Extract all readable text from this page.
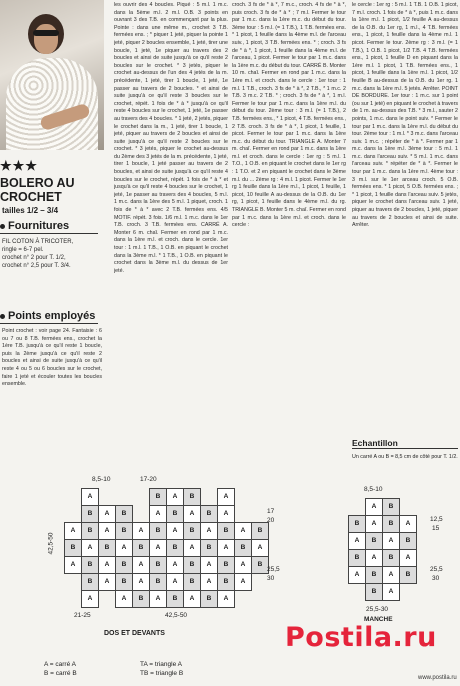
★★★
BOLERO AU
CROCHET
tailles 1/2 – 3/4
Fournitures
FIL COTON À TRICOTER,
ringle = 6-7 pel.
crochet n° 2 pour T. 1/2,
crochet n° 2,5 pour T. 3/4.
Points employés
Point crochet : voir page 24. Fantaisie : 6 ou 7 ou 8 T.B. fermées ens., crochet la 1ère T.B. jusqu'à ce qu'il reste 1 boucle, puis la 2ème jusqu'à ce qu'il reste 2 boucles et ainsi de suite jusqu'à ce qu'il reste 4 ou 5 ou 6 boucles sur le crochet, faire 1 jeté et écouler toutes les boucles ensemble.
les ouvrir des 4 boucles. Piqué : 5 m.l. 1 m.c. dans la 5ème m.l. 2 m.l. O.B. 3 points en ouvrant 3 des T.B. en commençant par la plus. Pointe : dans une même m., crochet 3 T.B. fermées ens. ; * piquer 1 jeté, piquer la pointe 1 jeté, piquer 2 boucles ensemble, 1 jeté, tirer une boucle, 1 jeté, 1e piquer au travers des 2 boucles et ainsi de suite jusqu'à ce qu'il reste 2 boucles sur le crochet. * 3 jetés, piquer le crochet au-dessus de l'un des 4 jetés de la m. précédente, 1 jeté, tirer 1 boucle, 1 jeté, 1e passer au travers de 2 boucles. * et ainsi de suite jusqu'à ce qu'il reste 3 boucles sur le crochet, répét. 1 fois de * à * jusqu'à ce qu'il reste 4 boucles sur le crochet, 1 jeté, 1e passer au travers des 4 boucles. * 1 jeté, 2 jetés, piquer le crochet dans la m., 1 jeté, tirer 1 boucle, 1 jeté, piquer au travers de 2 boucles et ainsi de suite jusqu'à ce qu'il reste 2 boucles sur le crochet. * 3 jetés, piquer le crochet au-dessus du 2ème des 3 jetés de la m. précédente, 1 jeté, tirer 1 boucle, 1 jeté passer au travers de 2 boucles, et ainsi de suite jusqu'à ce qu'il reste 4 boucles sur le crochet, répét. 1 fois de * à * et jusqu'à ce qu'il reste 4 boucles sur le crochet, 1 jeté, 1e passer au travers des 4 boucles, 5 m.l. 1 m.c. dans la 1ère des 5 m.l. 1 piquet, croch. 1 fois de * à * avec 2 T.B. fermées ens. 4/5 MOTIF. répét. 3 fois. 1/6 m.l. 1 m.c. dans le 1er T.B. croch. 3 T.B. fermées ens. CARRÉ A. Monter 6 m. chaî. Fermer en rond par 1 m.c. dans la 1ère m.l. et croch. dans le cercle. 1er tour : 1 m.l. 1 T.B., 1 O.B. en piquant le crochet dans la 3ème m.l. * 1 T.B., 1 O.B. en piquant le crochet dans la 3ème m.l. du dessus de 1er jeté.
croch. 3 fs de * à *, 7 m.c., croch. 4 fs de * à *, puis croch. 3 fs de * à * ; 7 m.l. Fermer le tour par 1 m.c. dans la 1ère m.c. du début du tour. 3ème tour : 5 m.l. (= 1 T.B.), 1 T.B. fermées ens. * 1 picot, 1 feuille dans la 4ème m.l. de l'arceau suiv., 1 picot, 3 T.B. fermées ens. * ; croch. 3 fs de * à *, 1 picot, 1 feuille dans la 4ème m.l. de l'arceau, 1 picot. Fermer le tour par 1 m.c. dans la 1ère m.c. du début du tour. CARRÉ B. Monter 10 m. chaî. Fermer en rond par 1 m.c. dans la 1ère m.l. et croch. dans le cercle : 1er tour : 1 m.l. 1 T.B., croch. 3 fs de * à *, 2 T.B., * 1 m.c. 2 T.B. 3 m.c. 2 T.B. * ; croch. 3 fs de * à *, 1 m.l. Fermer le tour par 1 m.c. dans la 1ère m.l. du début du tour. 2ème tour : 3 m.l. (= 1 T.B.), 2 T.B. fermées ens., * 1 picot, 4 T.B. fermées ens., 2 T.B. croch. 3 fs de * à *, 1 picot, 1 feuille, 1 picot. Fermer le tour par 1 m.c. dans la 1ère m.c. du début du tour. TRIANGLE A. Monter 7 m. chaî. Fermer en rond par 1 m.c. dans la 1ère m.l. et croch. dans le cercle : 1er rg : 5 m.l. 1 T.O., 1 O.B. en piquant le crochet dans le 1er rg : 1 T.O. et 2 en piquant le crochet dans le 3ème m.l. du ... 2ème rg : 4 m.l. 1 picot. Fermer le 1er rg 1 feuille dans la 1ère m.l., 1 picot, 1 feuille, 1 picot, 10 feuille A au-dessus de la O.B. du 1er rg, 1 picot, 1 feuille dans le 4ème m.l. du rg. TRIANGLE B. Monter 5 m. chaî. Fermer en rond par 1 m.c. dans la 1ère m.l. et croch. dans le cercle :
le cercle : 1er rg : 5 m.l. 1 T.B. 1 O.B. 1 picot, 7 m.l. croch. 1 fois de * à *, puis 1 m.c. dans la 1ère m.l. 1 picot, 1/2 feuille A au-dessus de la O.B. du 1er rg, 1 m.l., 4 T.B. fermées ens., 1 picot, 1 feuille dans la 4ème m.l. 1 picot. Fermer le tour. 2ème rg : 3 m.l. (= 1 T.B.), 1 O.B. 1 picot, 1/2 T.B. 4 T.B. fermées ens., 1 picot, 1 feuille D en piquant dans la 1ère m.l. 1 picot, 1 T.B. fermées ens., 1 picot, 1 feuille dans la 1ère m.l. 1 picot, 1/2 feuille B au-dessus de la O.B. du 1er rg. 1 m.c. dans la 1ère m.l. 5 jetés. Arrêter. POINT DE BORDURE. 1er tour : 1 m.c. sur 1 point (ou sur 1 jeté) en piquant le crochet à travers de 1 m. au-dessus des T.B. * 3 m.l., sauter 2 points, 1 m.c. dans le point suiv. * Fermer le tour par 1 m.c. dans la 1ère m.l. du début du tour. 2ème tour : 1 m.l. * 3 m.c. dans l'arceau suiv. 1 m.c. ; répéter de * à *. Fermer par 1 m.c. dans la 1ère m.l. 3ème tour : 5 m.l. 1 m.c. dans l'arceau suiv. * 5 m.l. 1 m.c. dans l'arceau suiv. * répéter de * à *. Fermer le tour par 1 m.c. dans la 1ère m.l. 4ème tour : 3 m.l. sur le 1er arceau croch. 5 O.B. fermées ens. * 1 picot, 5 O.B. fermées ens. ; * 1 picot, 1 feuille dans l'arceau suiv. 5 jetés, piquer le crochet dans l'arceau suiv. 1 jeté, piquer au travers de 2 boucles, 1 jeté, piquer au travers de 2 boucles et ainsi de suite. Arrêter.
Echantillon
Un carré A ou B = 8,5 cm de côté pour T. 1/2.
A	B	A	B	A
B	A	B	A	B	A	B	A
A	B	A	B	A	B	A	B	A	B	A	B
B	A	B	A	B	A	B	A	B	A	B	A
A	B	A	B	A	B	A	B	A	B	A	B
B	A	B	A	B	A	B	A	B	A
A	A	B	A	B	A	B	A
8,5-10	17-20
42,5-50
17
20
25,5
30
21-25	42,5-50
DOS ET DEVANTS
A = carré A
B = carré B
TA = triangle A
TB = triangle B
A	B
B	A	B	A
A	B	A	B
B	A	B	A
A	B	A	B
B	A
8,5-10
12,5
15
25,5
30
25,5-30
MANCHE
Postila.ru
www.postila.ru
